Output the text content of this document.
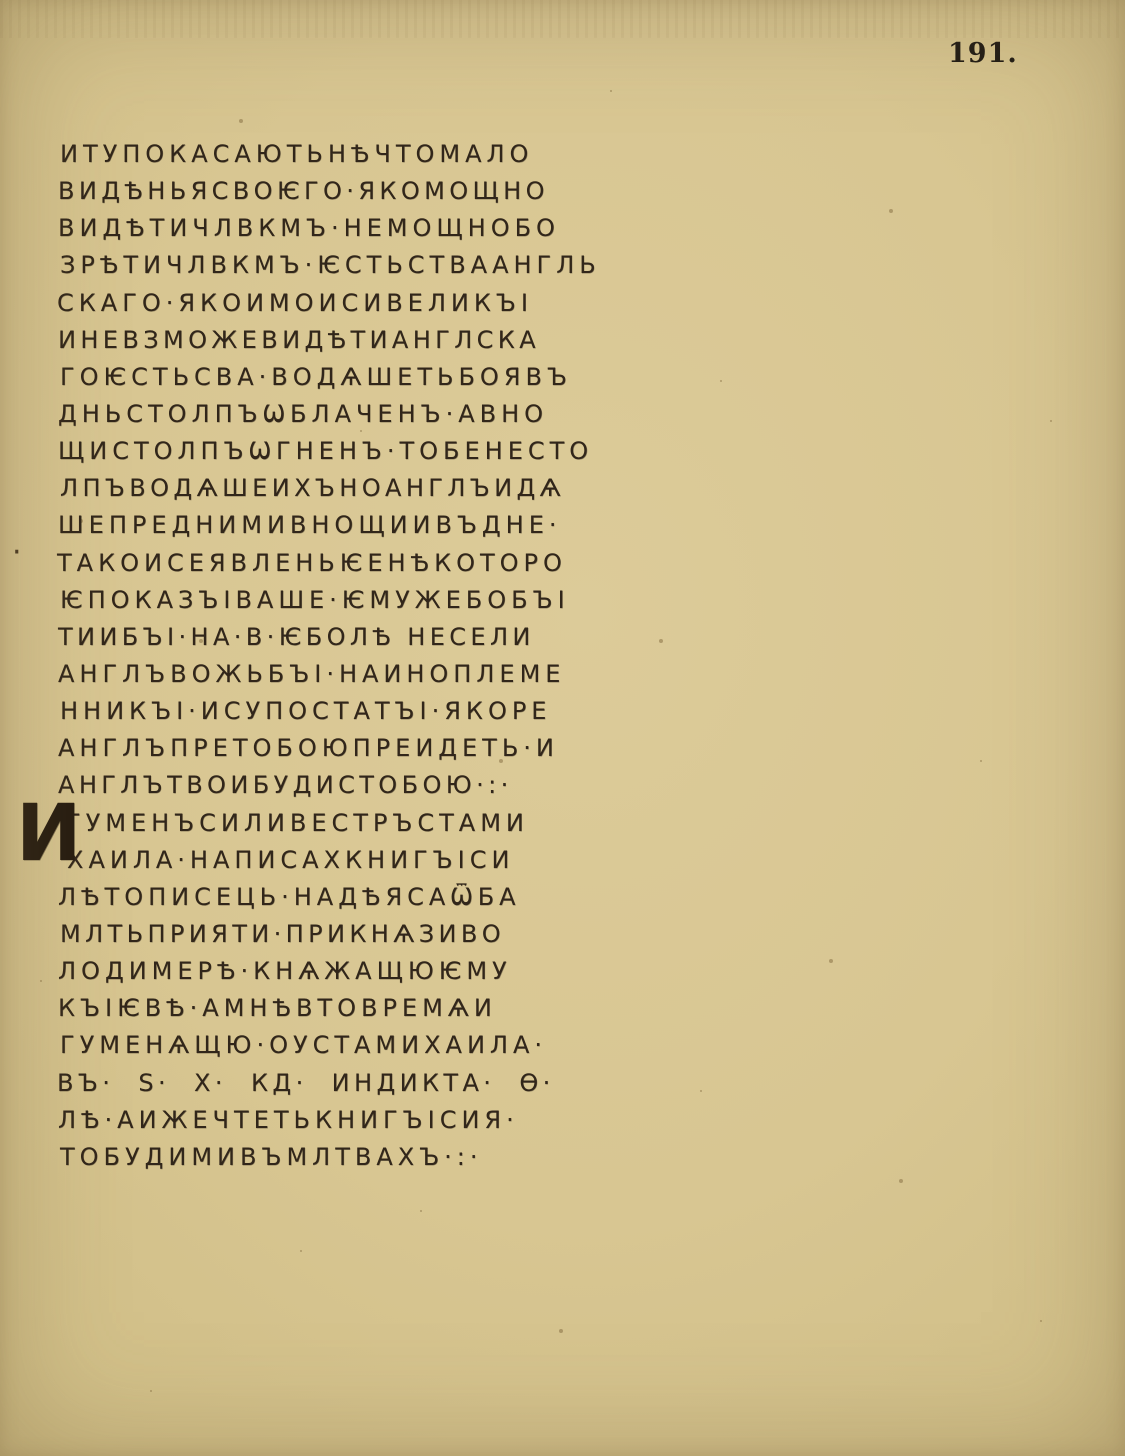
191.
·
И
ИТУПОКАСАЮТЬНѢЧТОМАЛО
ВИДѢНЬЯСВОѤГО·ЯКОМОЩНО
ВИДѢТИЧЛВКМЪ·НЕМОЩНОБО
ЗРѢТИЧЛВКМЪ·ѤСТЬСТВААНГЛЬ
СКАГО·ЯКОИМОИСИВЕЛИКЪІ
ИНЕВЗМОЖЕВИДѢТИАНГЛСКА
ГОѤСТЬСВА·ВОДѦШЕТЬБОЯВЪ
ДНЬСТОЛПЪѠБЛАЧЕНЪ·АВНО
ЩИСТОЛПЪѠГНЕНЪ·ТОБЕНЕСТО
ЛПЪВОДѦШЕИХЪНОАНГЛЪИДѦ
ШЕПРЕДНИМИВНОЩИИВЪДНЕ·
ТАКОИСЕЯВЛЕНЬѤЕНѢКОТОРО
ѤПОКАЗЪІВАШЕ·ѤМУЖЕБОБЪІ
ТИИБЪІ·НА·В·ѤБОЛѢ НЕСЕЛИ
АНГЛЪВОЖЬБЪІ·НАИНОПЛЕМЕ
ННИКЪІ·ИСУПОСТАТЪІ·ЯКОРЕ
АНГЛЪПРЕТОБОЮПРЕИДЕТЬ·И
АНГЛЪТВОИБУДИСТОБОЮ·:·
ГУМЕНЪСИЛИВЕСТРЪСТАМИ
ХАИЛА·НАПИСАХКНИГЪІСИ
ЛѢТОПИСЕЦЬ·НАДѢЯСАѾБА
МЛТЬПРИЯТИ·ПРИКНѦЗИВО
ЛОДИМЕРѢ·КНѦЖАЩЮѤМУ
КЪІѤВѢ·АМНѢВТОВРЕМѦИ
ГУМЕНѦЩЮ·ОУСТАМИХАИЛА·
ВЪ·  Ѕ·  Х·  КД·  ИНДИКТА·  Ѳ·
ЛѢ·АИЖЕЧТЕТЬКНИГЪІСИЯ·
ТОБУДИМИВЪМЛТВАХЪ·:·
